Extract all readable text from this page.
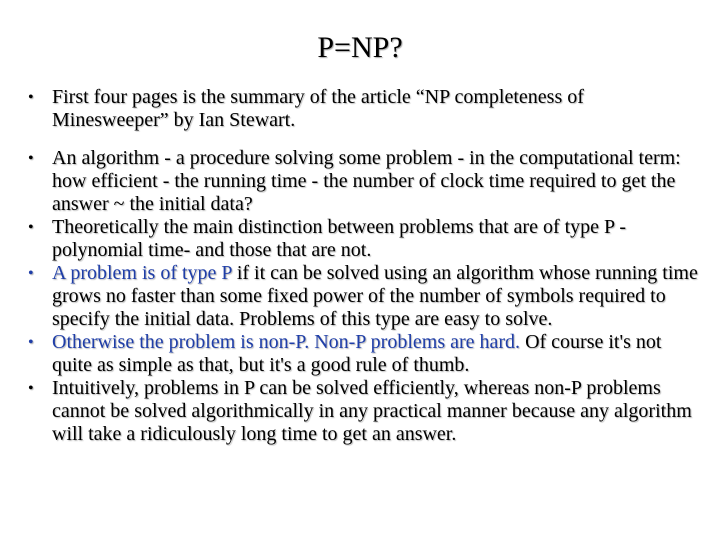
P=NP?
• First four pages is the summary of the article “NP completeness of Minesweeper” by Ian Stewart.
• An algorithm - a procedure solving some problem - in the computational term: how efficient - the running time - the number of clock time required to get the answer ~ the initial data?
• Theoretically the main distinction between problems that are of type P - polynomial time- and those that are not.
• A problem is of type P if it can be solved using an algorithm whose running time grows no faster than some fixed power of the number of symbols required to specify the initial data. Problems of this type are easy to solve.
• Otherwise the problem is non-P. Non-P problems are hard. Of course it's not quite as simple as that, but it's a good rule of thumb.
• Intuitively, problems in P can be solved efficiently, whereas non-P problems cannot be solved algorithmically in any practical manner because any algorithm will take a ridiculously long time to get an answer.
